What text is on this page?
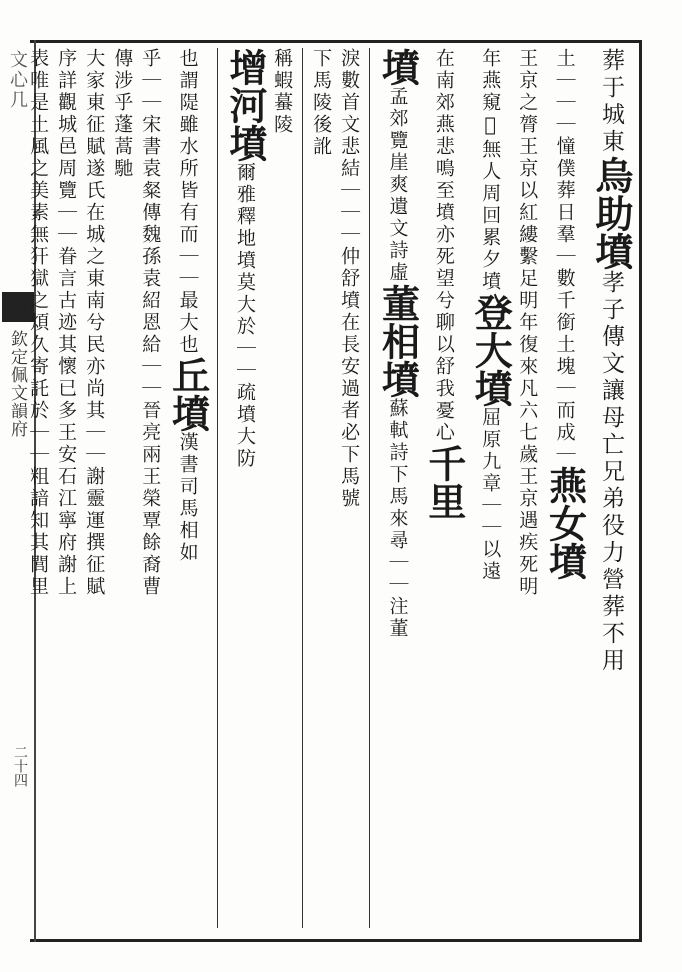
文心几
欽定佩文韻府
二十四
葬于城東烏助墳孝子傳文讓母亡兄弟役力營葬不用
土｜｜｜憧僕葬日羣｜數千銜土塊｜而成｜燕女墳
王京之膂王京以紅縷繫足明年復來凡六七歲王京遇疾死明
年燕窺𤧧無人周回累夕墳登大墳屈原九章｜｜以遠
在南郊燕悲鳴至墳亦死望兮聊以舒我憂心千里
墳孟郊覽崖爽遺文詩虛董相墳蘇軾詩下馬來尋｜｜注董
淚數首文悲結｜｜｜仲舒墳在長安過者必下馬號
下馬陵後訛
稱蝦蟇陵
增河墳爾雅釋地墳莫大於｜｜疏墳大防
也謂隄雖水所皆有而｜｜最大也丘墳漢書司馬相如
乎｜｜宋書袁粲傳魏孫袁紹恩給｜｜晉亮兩王榮覃餘裔曹
傳涉乎蓬蒿馳
大家東征賦遂氏在城之東南兮民亦尚其｜｜謝靈運撰征賦
序詳觀城邑周覽｜｜眷言古迹其懷已多王安石江寧府謝上
表唯是土風之美素無犴獄之煩久寄託於｜｜粗諳知其閭里
